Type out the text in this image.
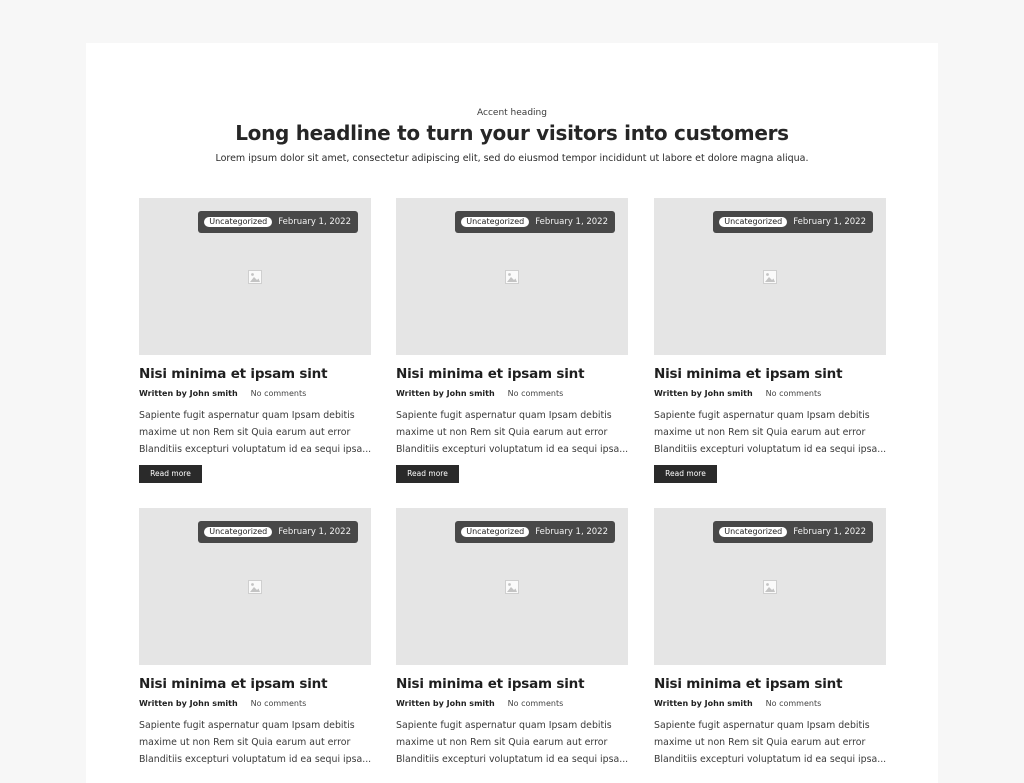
Accent heading
Long headline to turn your visitors into customers
Lorem ipsum dolor sit amet, consectetur adipiscing elit, sed do eiusmod tempor incididunt ut labore et dolore magna aliqua.
Uncategorized	February 1, 2022
Nisi minima et ipsam sint
Written by John smith No comments
Sapiente fugit aspernatur quam Ipsam debitis
maxime ut non Rem sit Quia earum aut error
Blanditiis excepturi voluptatum id ea sequi ipsa...
Read more
Uncategorized	February 1, 2022
Nisi minima et ipsam sint
Written by John smith No comments
Sapiente fugit aspernatur quam Ipsam debitis
maxime ut non Rem sit Quia earum aut error
Blanditiis excepturi voluptatum id ea sequi ipsa...
Read more
Uncategorized	February 1, 2022
Nisi minima et ipsam sint
Written by John smith No comments
Sapiente fugit aspernatur quam Ipsam debitis
maxime ut non Rem sit Quia earum aut error
Blanditiis excepturi voluptatum id ea sequi ipsa...
Read more
Uncategorized	February 1, 2022
Nisi minima et ipsam sint
Written by John smith No comments
Sapiente fugit aspernatur quam Ipsam debitis
maxime ut non Rem sit Quia earum aut error
Blanditiis excepturi voluptatum id ea sequi ipsa...
Uncategorized	February 1, 2022
Nisi minima et ipsam sint
Written by John smith No comments
Sapiente fugit aspernatur quam Ipsam debitis
maxime ut non Rem sit Quia earum aut error
Blanditiis excepturi voluptatum id ea sequi ipsa...
Uncategorized	February 1, 2022
Nisi minima et ipsam sint
Written by John smith No comments
Sapiente fugit aspernatur quam Ipsam debitis
maxime ut non Rem sit Quia earum aut error
Blanditiis excepturi voluptatum id ea sequi ipsa...
